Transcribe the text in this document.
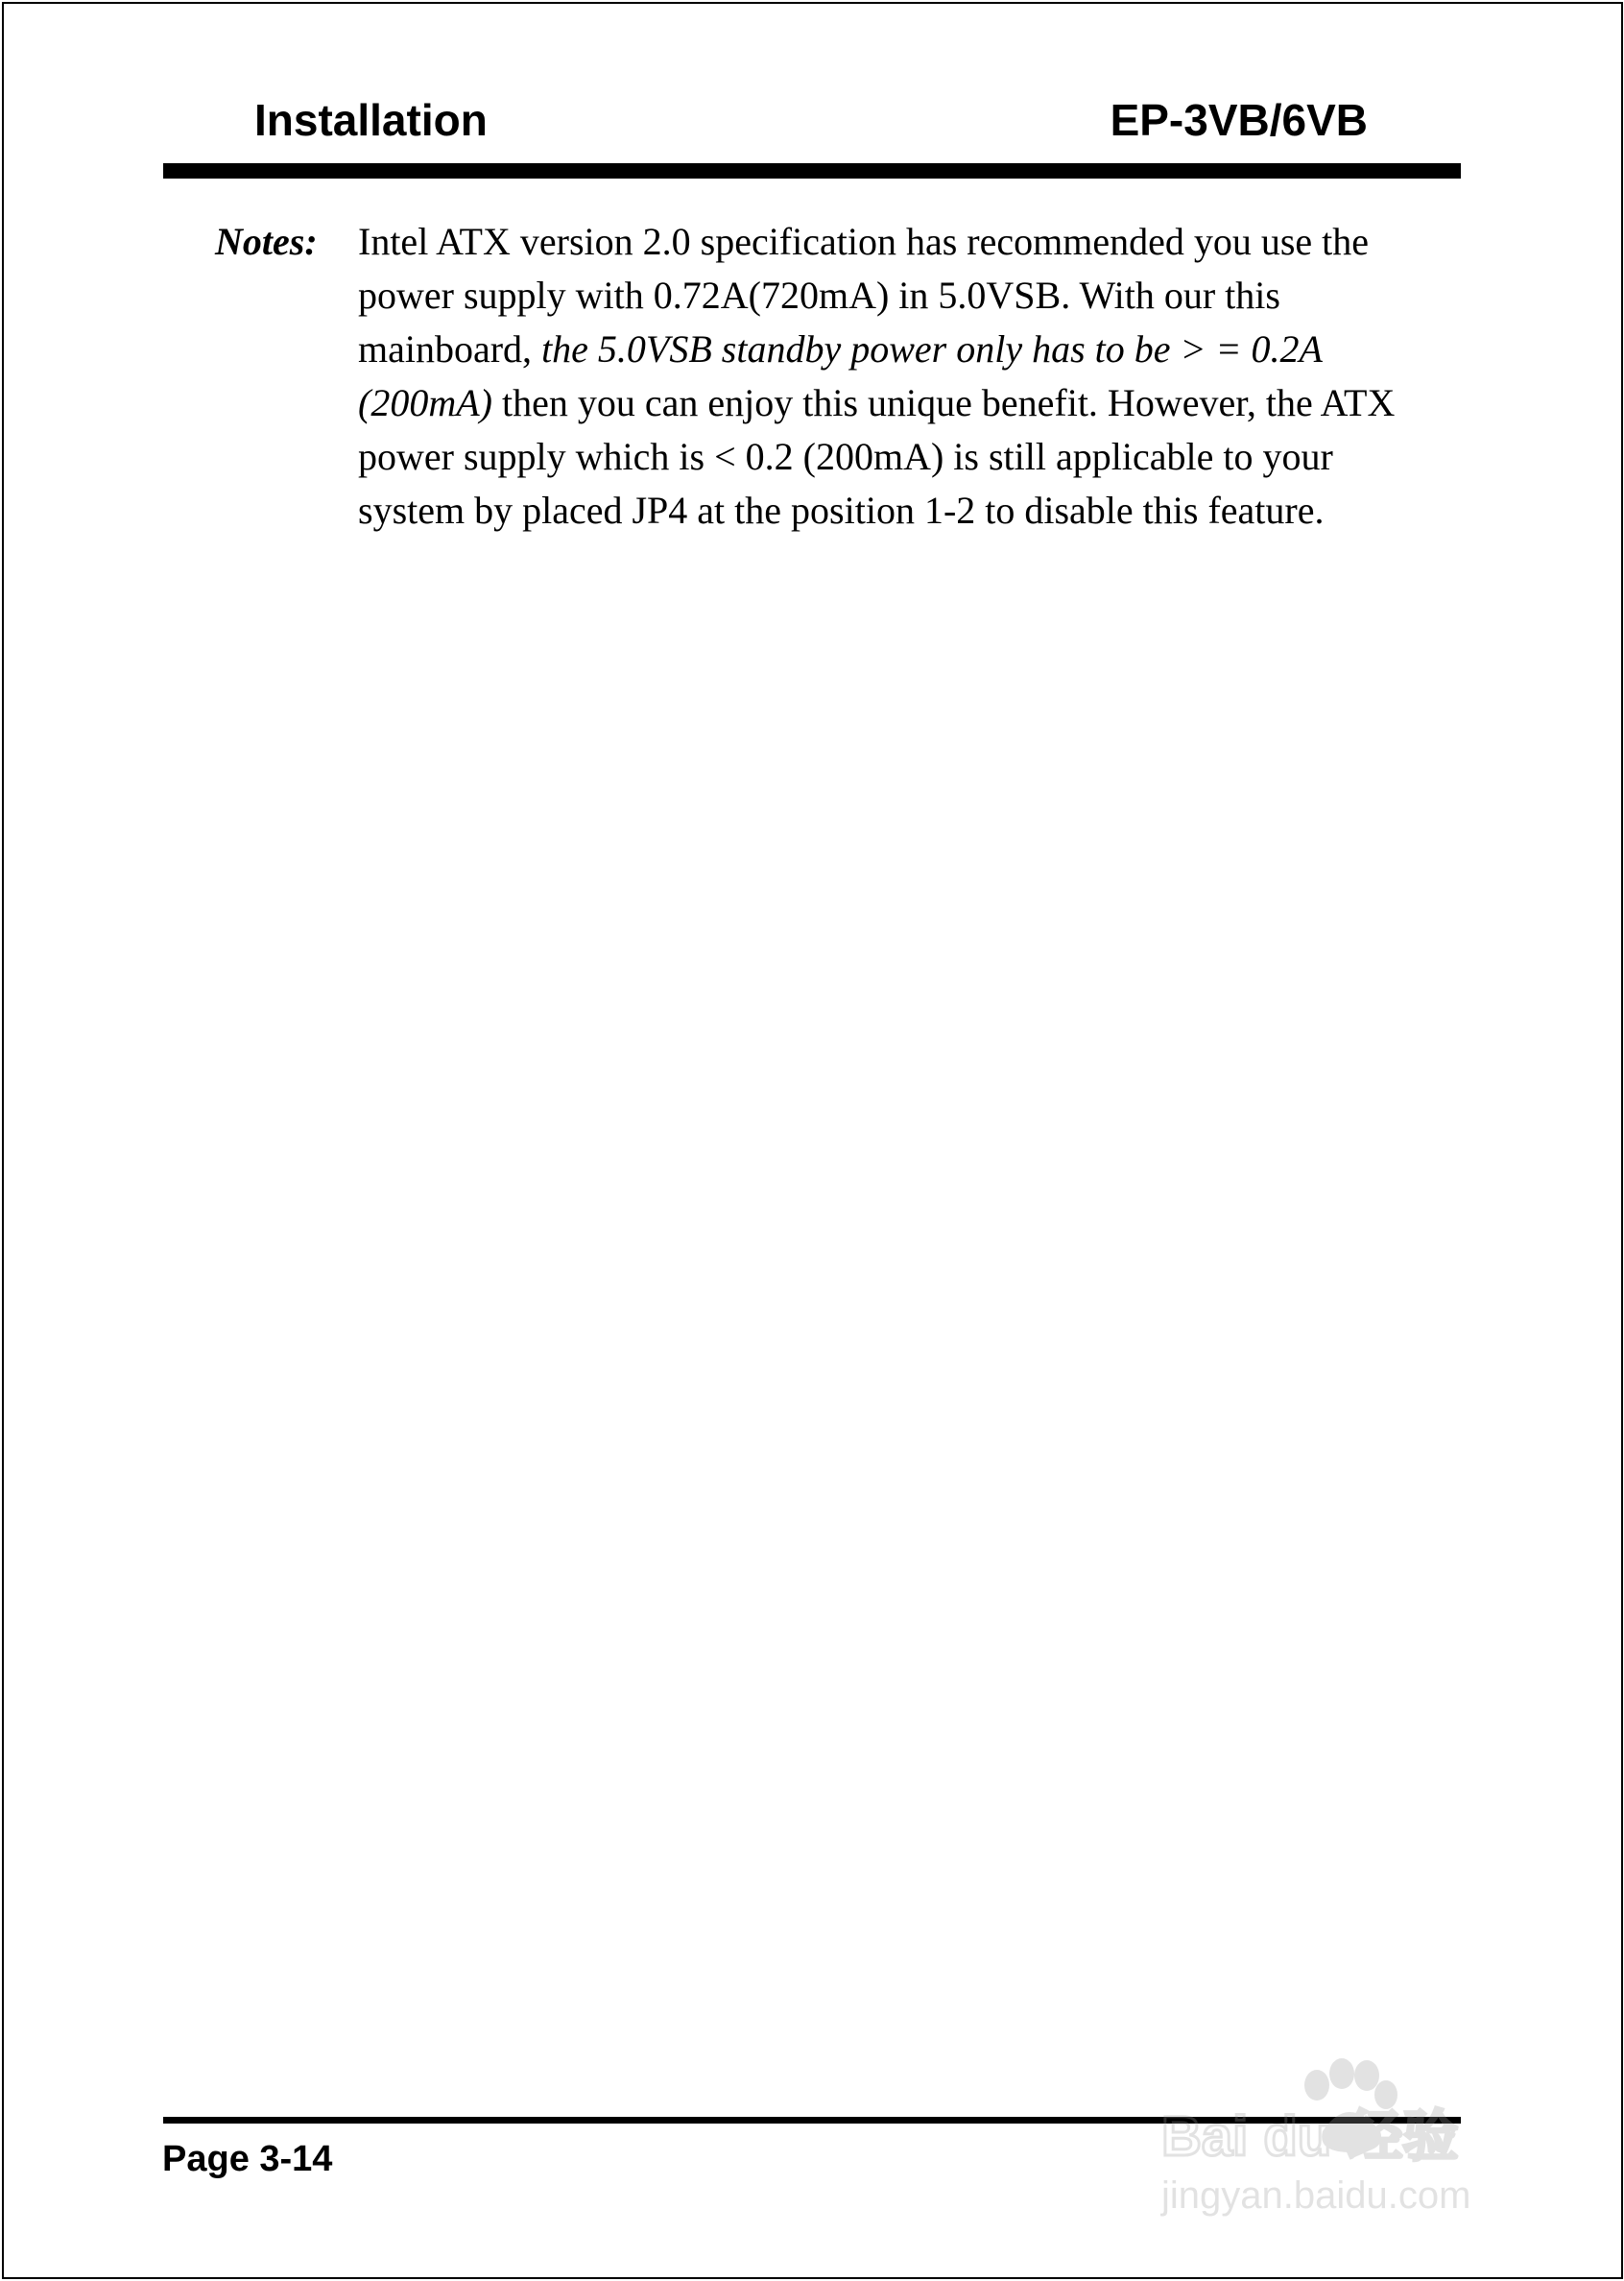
Installation	EP-3VB/6VB
Notes: Intel ATX version 2.0 specification has recommended you use the
power supply with 0.72A(720mA) in 5.0VSB. With our this
mainboard, the 5.0VSB standby power only has to be > = 0.2A
(200mA) then you can enjoy this unique benefit. However, the ATX
power supply which is < 0.2 (200mA) is still applicable to your
system by placed JP4 at the position 1-2 to disable this feature.
Page 3-14	Bai du 经验
jingyan.baidu.com
